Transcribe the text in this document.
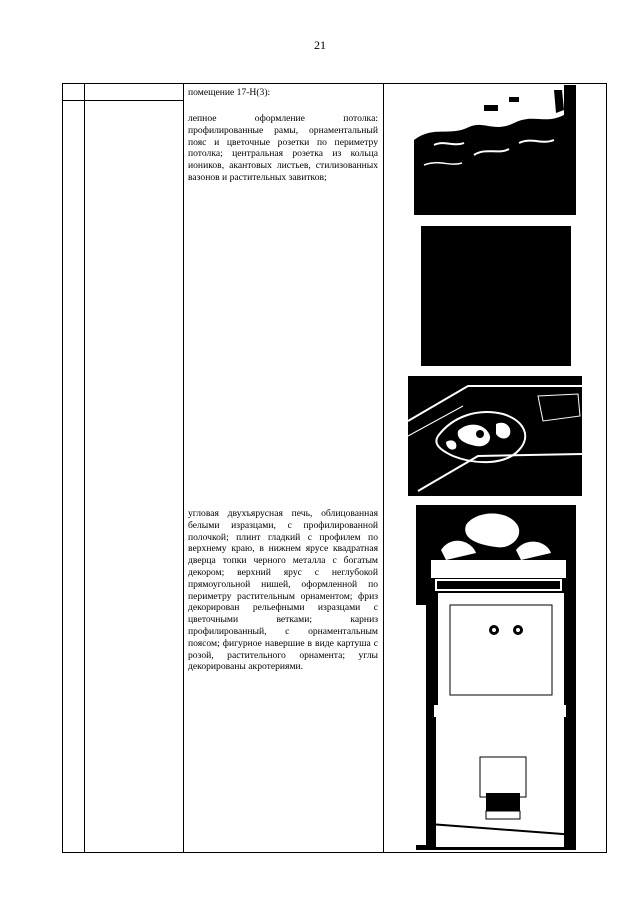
21
помещение 17-Н(3):
лепное оформление потолка: профилированные рамы, орнаментальный пояс и цветочные розетки по периметру потолка; центральная розетка из кольца иоников, акантовых листьев, стилизованных вазонов и растительных завитков;
угловая двухъярусная печь, облицованная белыми изразцами, с профилированной полочкой; плинт гладкий с профилем по верхнему краю, в нижнем ярусе квадратная дверца топки черного металла с богатым декором; верхний ярус с неглубокой прямоугольной нишей, оформленной по периметру растительным орнаментом; фриз декорирован рельефными изразцами с цветочными ветками; карниз профилированный, с орнаментальным поясом; фигурное навершие в виде картуша с розой, растительного орнамента; углы декорированы акротериями.
